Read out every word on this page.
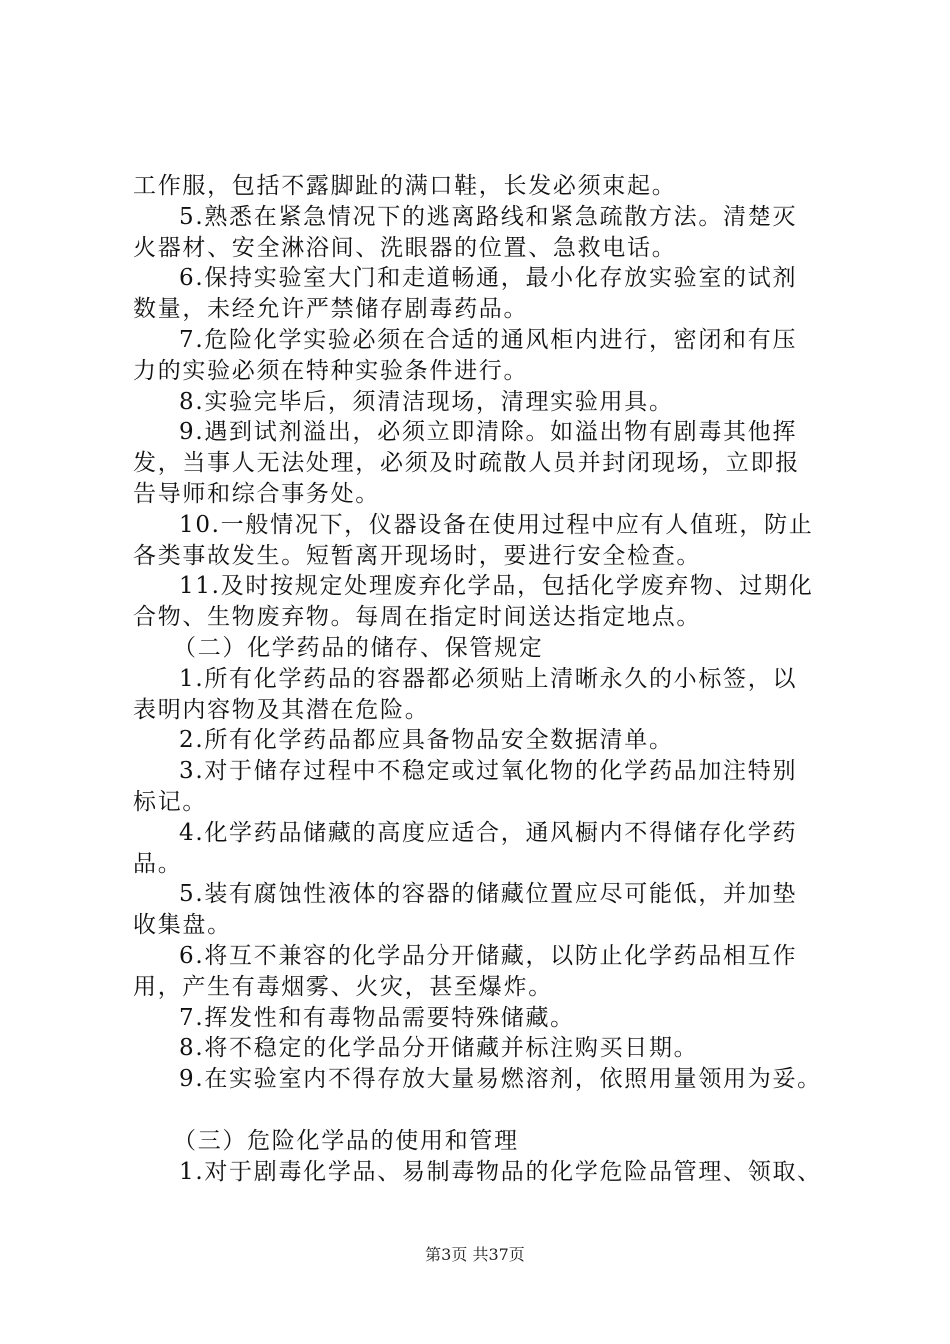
工作服，包括不露脚趾的满口鞋，长发必须束起。
5.熟悉在紧急情况下的逃离路线和紧急疏散方法。清楚灭
火器材、安全淋浴间、洗眼器的位置、急救电话。
6.保持实验室大门和走道畅通，最小化存放实验室的试剂
数量，未经允许严禁储存剧毒药品。
7.危险化学实验必须在合适的通风柜内进行，密闭和有压
力的实验必须在特种实验条件进行。
8.实验完毕后，须清洁现场，清理实验用具。
9.遇到试剂溢出，必须立即清除。如溢出物有剧毒其他挥
发，当事人无法处理，必须及时疏散人员并封闭现场，立即报
告导师和综合事务处。
10.一般情况下，仪器设备在使用过程中应有人值班，防止
各类事故发生。短暂离开现场时，要进行安全检查。
11.及时按规定处理废弃化学品，包括化学废弃物、过期化
合物、生物废弃物。每周在指定时间送达指定地点。
（二）化学药品的储存、保管规定
1.所有化学药品的容器都必须贴上清晰永久的小标签，以
表明内容物及其潜在危险。
2.所有化学药品都应具备物品安全数据清单。
3.对于储存过程中不稳定或过氧化物的化学药品加注特别
标记。
4.化学药品储藏的高度应适合，通风橱内不得储存化学药
品。
5.装有腐蚀性液体的容器的储藏位置应尽可能低，并加垫
收集盘。
6.将互不兼容的化学品分开储藏，以防止化学药品相互作
用，产生有毒烟雾、火灾，甚至爆炸。
7.挥发性和有毒物品需要特殊储藏。
8.将不稳定的化学品分开储藏并标注购买日期。
9.在实验室内不得存放大量易燃溶剂，依照用量领用为妥。
（三）危险化学品的使用和管理
1.对于剧毒化学品、易制毒物品的化学危险品管理、领取、
第3页 共37页
